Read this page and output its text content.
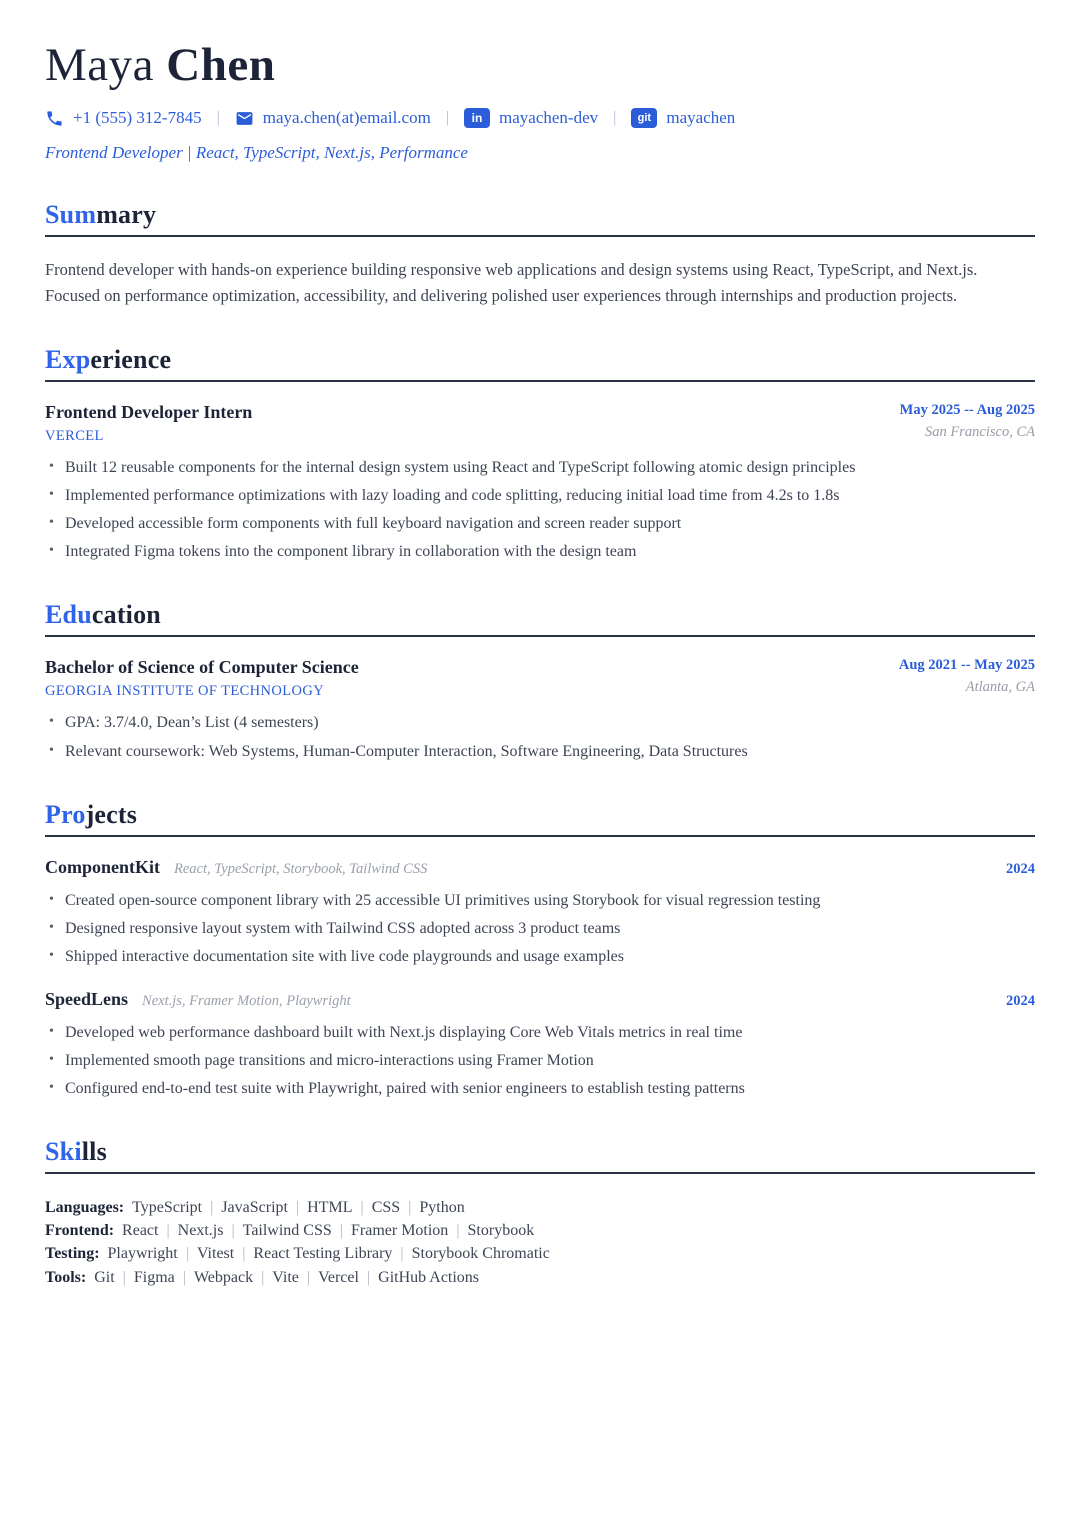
Maya Chen
+1 (555) 312-7845 |	maya.chen(at)email.com |	in mayachen-dev |	git mayachen
Frontend Developer | React, TypeScript, Next.js, Performance
Summary

Frontend developer with hands-on experience building responsive web applications and design systems using React, TypeScript, and Next.js. Focused on performance optimization, accessibility, and delivering polished user experiences through internships and production projects.

Experience
Frontend Developer Intern
VERCEL
May 2025 -- Aug 2025
San Francisco, CA
• Built 12 reusable components for the internal design system using React and TypeScript following atomic design principles
• Implemented performance optimizations with lazy loading and code splitting, reducing initial load time from 4.2s to 1.8s
• Developed accessible form components with full keyboard navigation and screen reader support
• Integrated Figma tokens into the component library in collaboration with the design team
Education
Bachelor of Science of Computer Science
GEORGIA INSTITUTE OF TECHNOLOGY
Aug 2021 -- May 2025
Atlanta, GA
• GPA: 3.7/4.0, Dean’s List (4 semesters)
• Relevant coursework: Web Systems, Human-Computer Interaction, Software Engineering, Data Structures
Projects
ComponentKit React, TypeScript, Storybook, Tailwind CSS	2024
• Created open-source component library with 25 accessible UI primitives using Storybook for visual regression testing
• Designed responsive layout system with Tailwind CSS adopted across 3 product teams
• Shipped interactive documentation site with live code playgrounds and usage examples
SpeedLens Next.js, Framer Motion, Playwright	2024
• Developed web performance dashboard built with Next.js displaying Core Web Vitals metrics in real time
• Implemented smooth page transitions and micro-interactions using Framer Motion
• Configured end-to-end test suite with Playwright, paired with senior engineers to establish testing patterns
Skills
Languages: TypeScript | JavaScript | HTML | CSS | Python
Frontend: React | Next.js | Tailwind CSS | Framer Motion | Storybook
Testing: Playwright | Vitest | React Testing Library | Storybook Chromatic
Tools: Git | Figma | Webpack | Vite | Vercel | GitHub Actions
